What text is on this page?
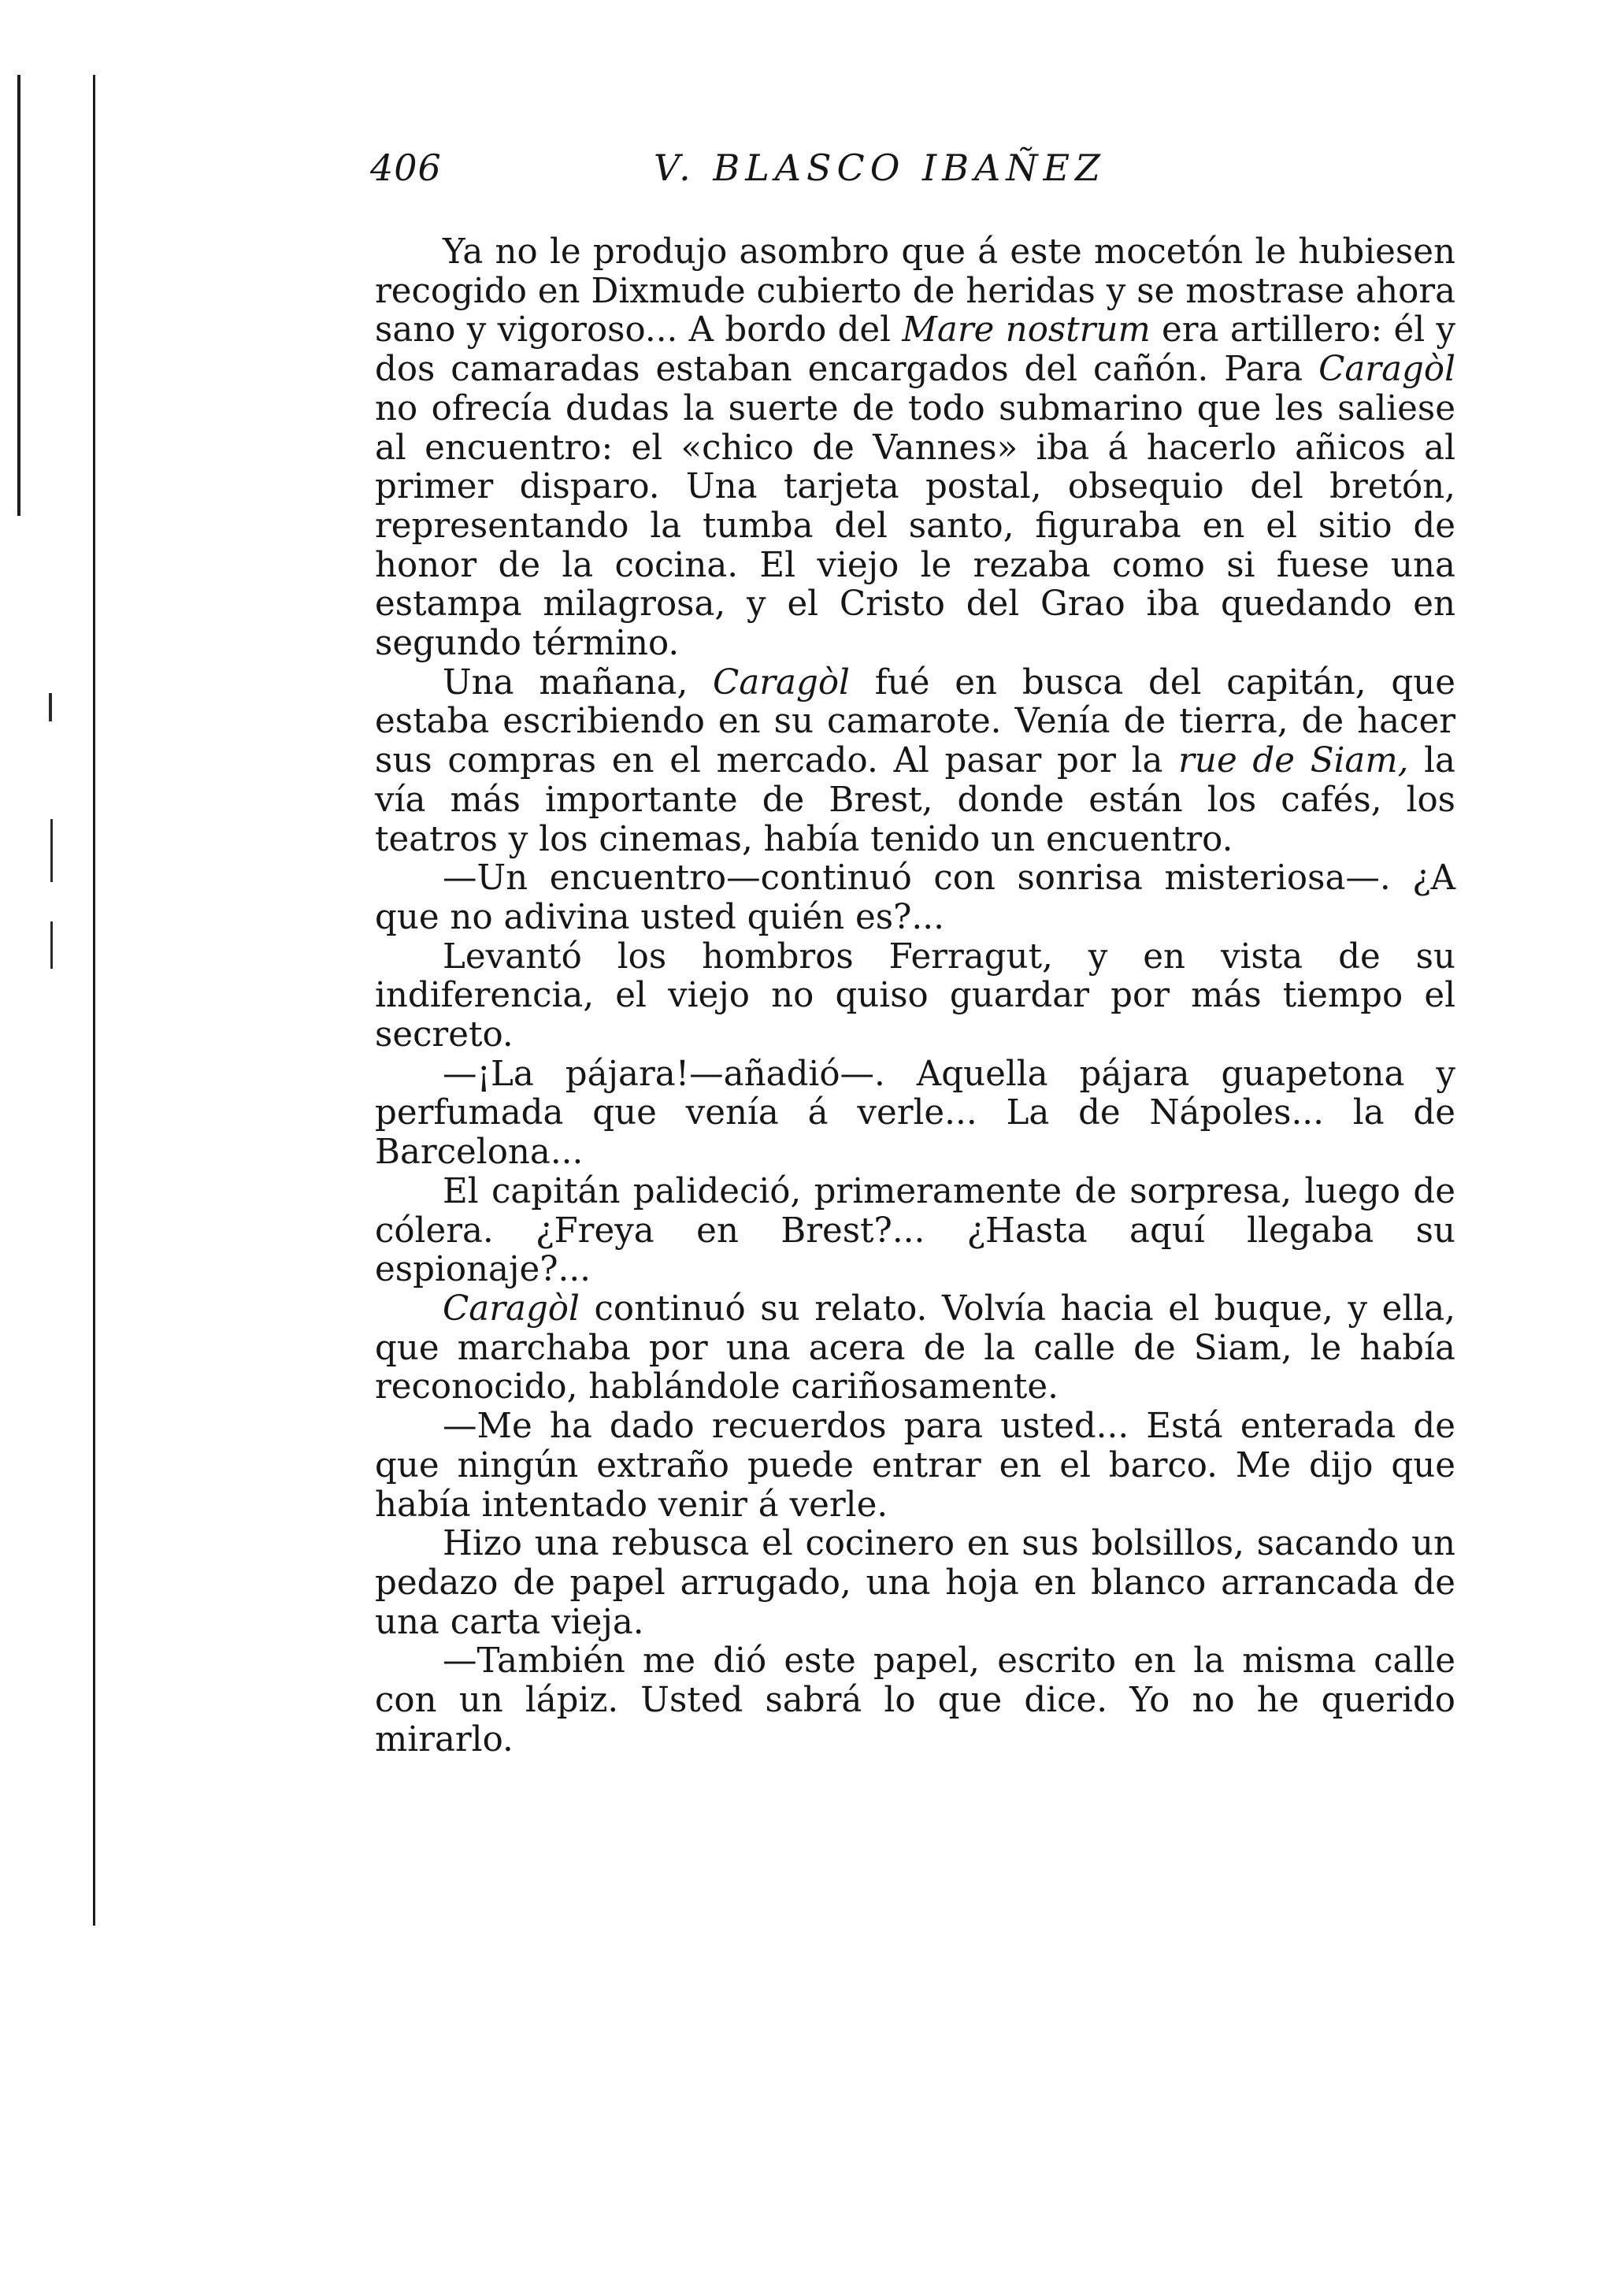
406	V. BLASCO IBAÑEZ

Ya no le produjo asombro que á este mocetón le hubiesen recogido en Dixmude cubierto de heridas y se mostrase ahora sano y vigoroso... A bordo del Mare nostrum era artillero: él y dos camaradas estaban encargados del cañón. Para Caragòl no ofrecía dudas la suerte de todo submarino que les saliese al encuentro: el «chico de Vannes» iba á hacerlo añicos al primer disparo. Una tarjeta postal, obsequio del bretón, representando la tumba del santo, figuraba en el sitio de honor de la cocina. El viejo le rezaba como si fuese una estampa milagrosa, y el Cristo del Grao iba quedando en segundo término.

Una mañana, Caragòl fué en busca del capitán, que estaba escribiendo en su camarote. Venía de tierra, de hacer sus compras en el mercado. Al pasar por la rue de Siam, la vía más importante de Brest, donde están los cafés, los teatros y los cinemas, había tenido un encuentro.

—Un encuentro—continuó con sonrisa misteriosa—. ¿A que no adivina usted quién es?...

Levantó los hombros Ferragut, y en vista de su indiferencia, el viejo no quiso guardar por más tiempo el secreto.

—¡La pájara!—añadió—. Aquella pájara guapetona y perfumada que venía á verle... La de Nápoles... la de Barcelona...

El capitán palideció, primeramente de sorpresa, luego de cólera. ¿Freya en Brest?... ¿Hasta aquí llegaba su espionaje?...

Caragòl continuó su relato. Volvía hacia el buque, y ella, que marchaba por una acera de la calle de Siam, le había reconocido, hablándole cariñosamente.

—Me ha dado recuerdos para usted... Está enterada de que ningún extraño puede entrar en el barco. Me dijo que había intentado venir á verle.

Hizo una rebusca el cocinero en sus bolsillos, sacando un pedazo de papel arrugado, una hoja en blanco arrancada de una carta vieja.

—También me dió este papel, escrito en la misma calle con un lápiz. Usted sabrá lo que dice. Yo no he querido mirarlo.
